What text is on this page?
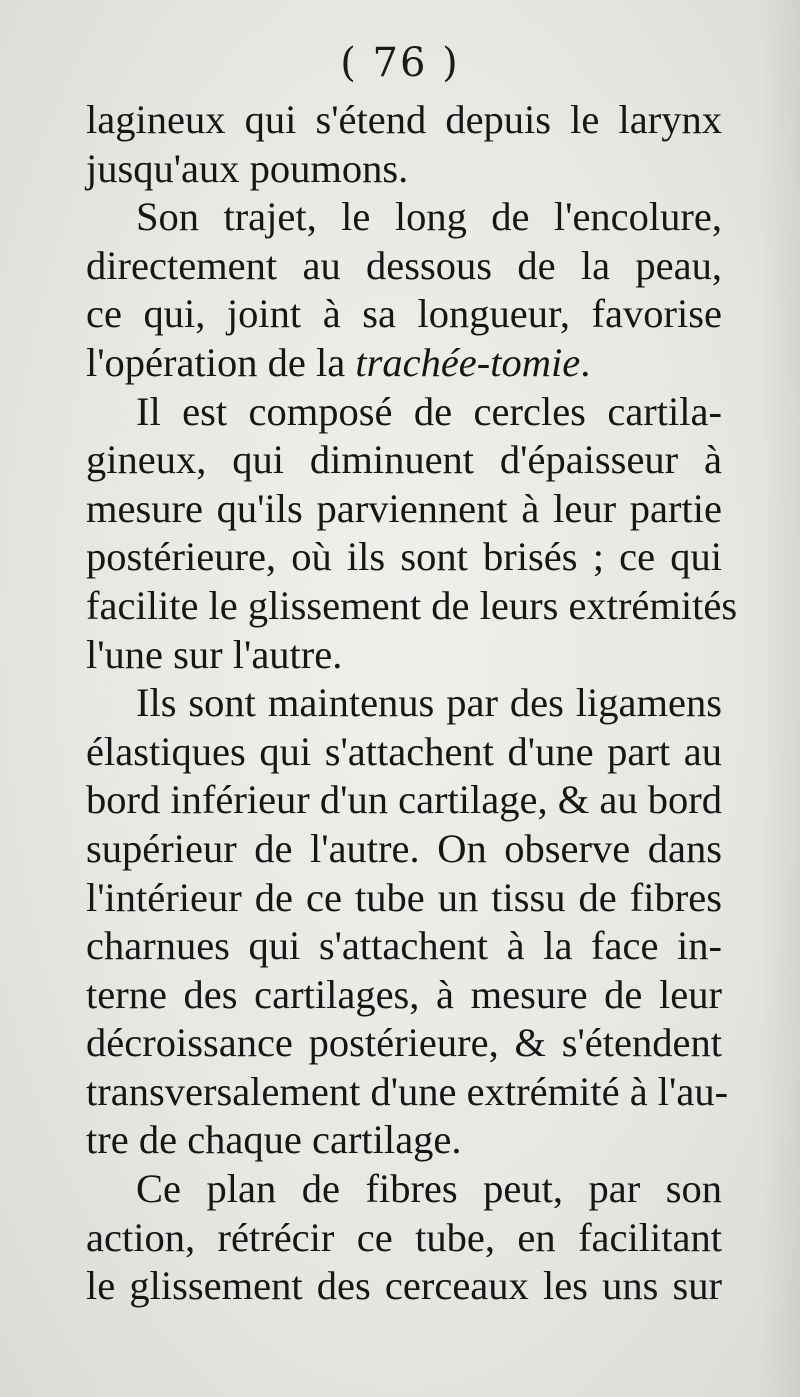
( 76 )
lagineux qui s'étend depuis le larynx
jusqu'aux poumons.
Son trajet, le long de l'encolure,
directement au dessous de la peau,
ce qui, joint à sa longueur, favorise
l'opération de la trachée-tomie.
Il est composé de cercles cartila-
gineux, qui diminuent d'épaisseur à
mesure qu'ils parviennent à leur partie
postérieure, où ils sont brisés ; ce qui
facilite le glissement de leurs extrémités
l'une sur l'autre.
Ils sont maintenus par des ligamens
élastiques qui s'attachent d'une part au
bord inférieur d'un cartilage, & au bord
supérieur de l'autre. On observe dans
l'intérieur de ce tube un tissu de fibres
charnues qui s'attachent à la face in-
terne des cartilages, à mesure de leur
décroissance postérieure, & s'étendent
transversalement d'une extrémité à l'au-
tre de chaque cartilage.
Ce plan de fibres peut, par son
action, rétrécir ce tube, en facilitant
le glissement des cerceaux les uns sur
